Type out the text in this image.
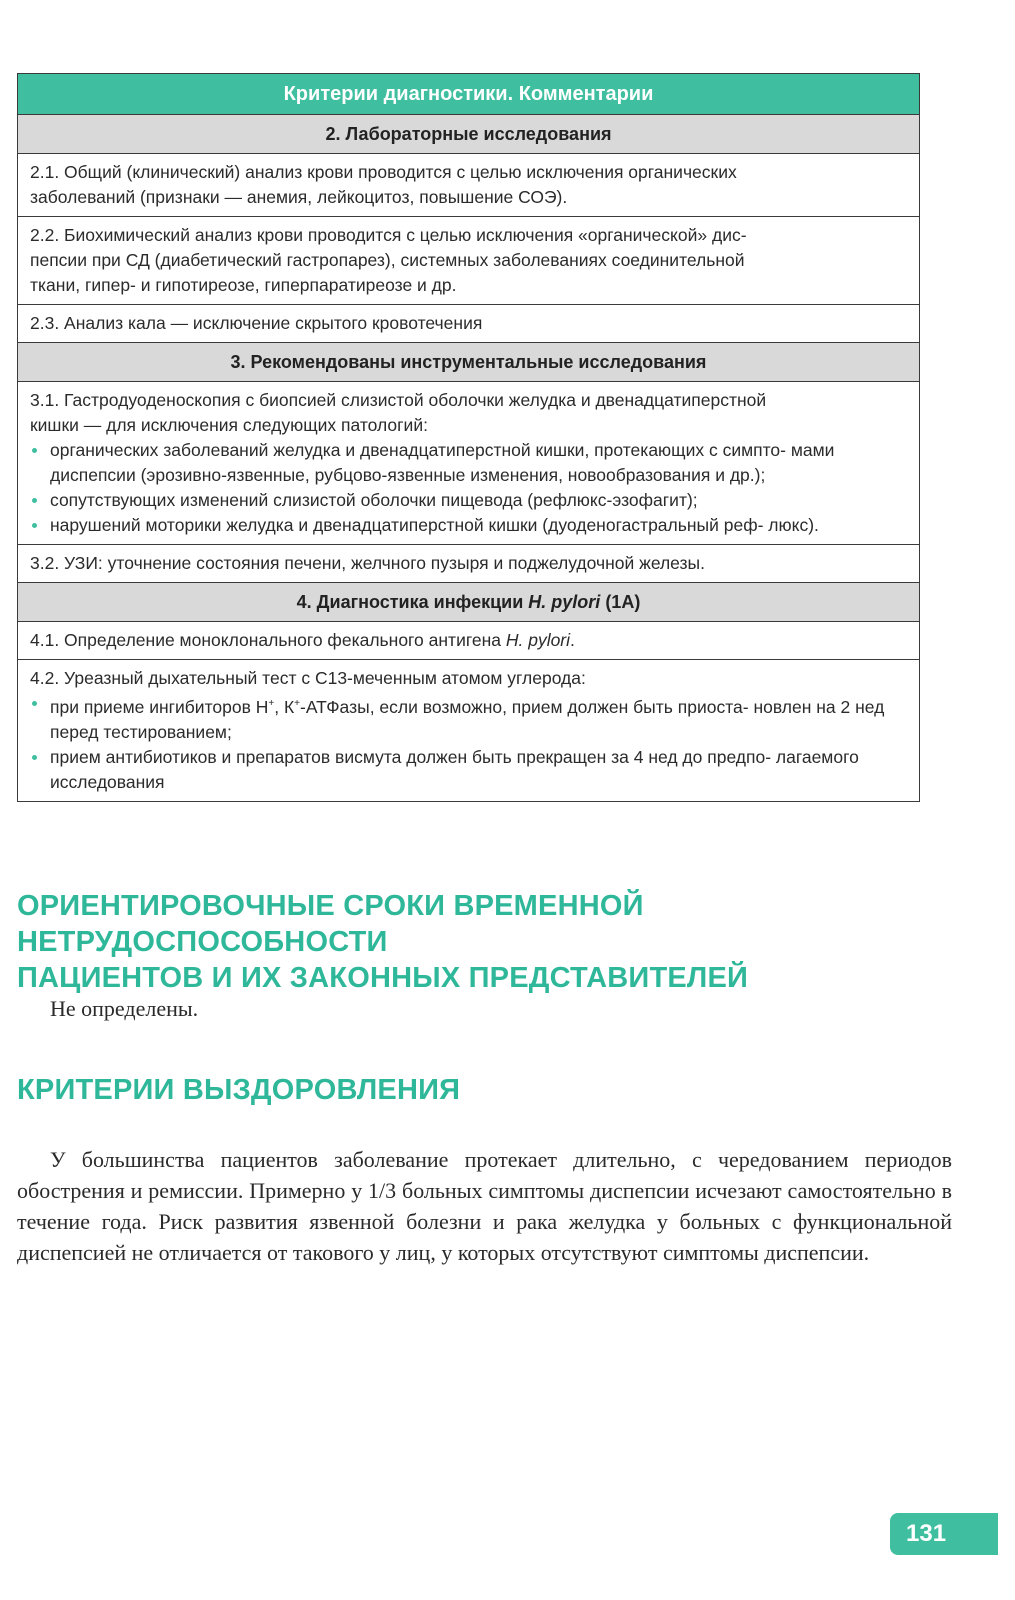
Критерии диагностики. Комментарии
2. Лабораторные исследования
2.1. Общий (клинический) анализ крови проводится с целью исключения органических
заболеваний (признаки — анемия, лейкоцитоз, повышение СОЭ).
2.2. Биохимический анализ крови проводится с целью исключения «органической» дис-
пепсии при СД (диабетический гастропарез), системных заболеваниях соединительной
ткани, гипер- и гипотиреозе, гиперпаратиреозе и др.
2.3. Анализ кала — исключение скрытого кровотечения
3. Рекомендованы инструментальные исследования
3.1. Гастродуоденоскопия с биопсией слизистой оболочки желудка и двенадцатиперстной
кишки — для исключения следующих патологий:
органических заболеваний желудка и двенадцатиперстной кишки, протекающих с симпто- мами диспепсии (эрозивно-язвенные, рубцово-язвенные изменения, новообразования и др.);
сопутствующих изменений слизистой оболочки пищевода (рефлюкс-эзофагит);
нарушений моторики желудка и двенадцатиперстной кишки (дуоденогастральный реф- люкс).
3.2. УЗИ: уточнение состояния печени, желчного пузыря и поджелудочной железы.
4. Диагностика инфекции H. pylori (1А)
4.1. Определение моноклонального фекального антигена H. pylori.
4.2. Уреазный дыхательный тест с С13-меченным атомом углерода:
при приеме ингибиторов Н+, К+-АТФазы, если возможно, прием должен быть приоста- новлен на 2 нед перед тестированием;
прием антибиотиков и препаратов висмута должен быть прекращен за 4 нед до предпо- лагаемого исследования
ОРИЕНТИРОВОЧНЫЕ СРОКИ ВРЕМЕННОЙ НЕТРУДОСПОСОБНОСТИ
ПАЦИЕНТОВ И ИХ ЗАКОННЫХ ПРЕДСТАВИТЕЛЕЙ
Не определены.
КРИТЕРИИ ВЫЗДОРОВЛЕНИЯ
У большинства пациентов заболевание протекает длительно, с чередованием периодов обострения и ремиссии. Примерно у 1/3 больных симптомы диспепсии исчезают самостоятельно в течение года. Риск развития язвенной болезни и рака желудка у больных с функциональной диспепсией не отличается от такового у лиц, у которых отсутствуют симптомы диспепсии.
131
